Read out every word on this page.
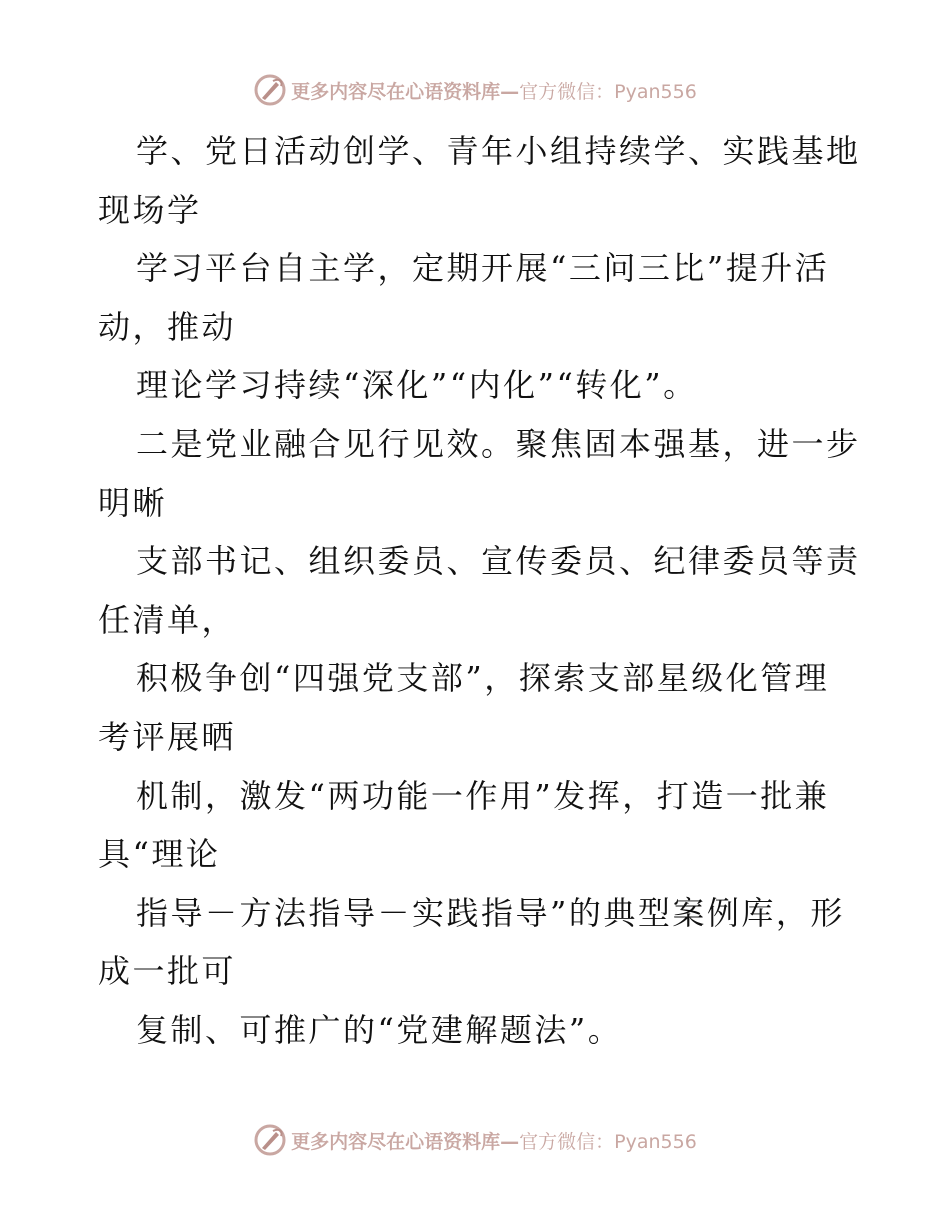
更多内容尽在心语资料库— 官方微信：Pyan556
学、党日活动创学、青年小组持续学、实践基地
现场学
学习平台自主学，定期开展“三问三比”提升活
动，推动
理论学习持续“深化”“内化”“转化”。
二是党业融合见行见效。聚焦固本强基，进一步
明晰
支部书记、组织委员、宣传委员、纪律委员等责
任清单，
积极争创“四强党支部”，探索支部星级化管理
考评展晒
机制，激发“两功能一作用”发挥，打造一批兼
具“理论
指导－方法指导－实践指导”的典型案例库，形
成一批可
复制、可推广的“党建解题法”。
更多内容尽在心语资料库— 官方微信：Pyan556
